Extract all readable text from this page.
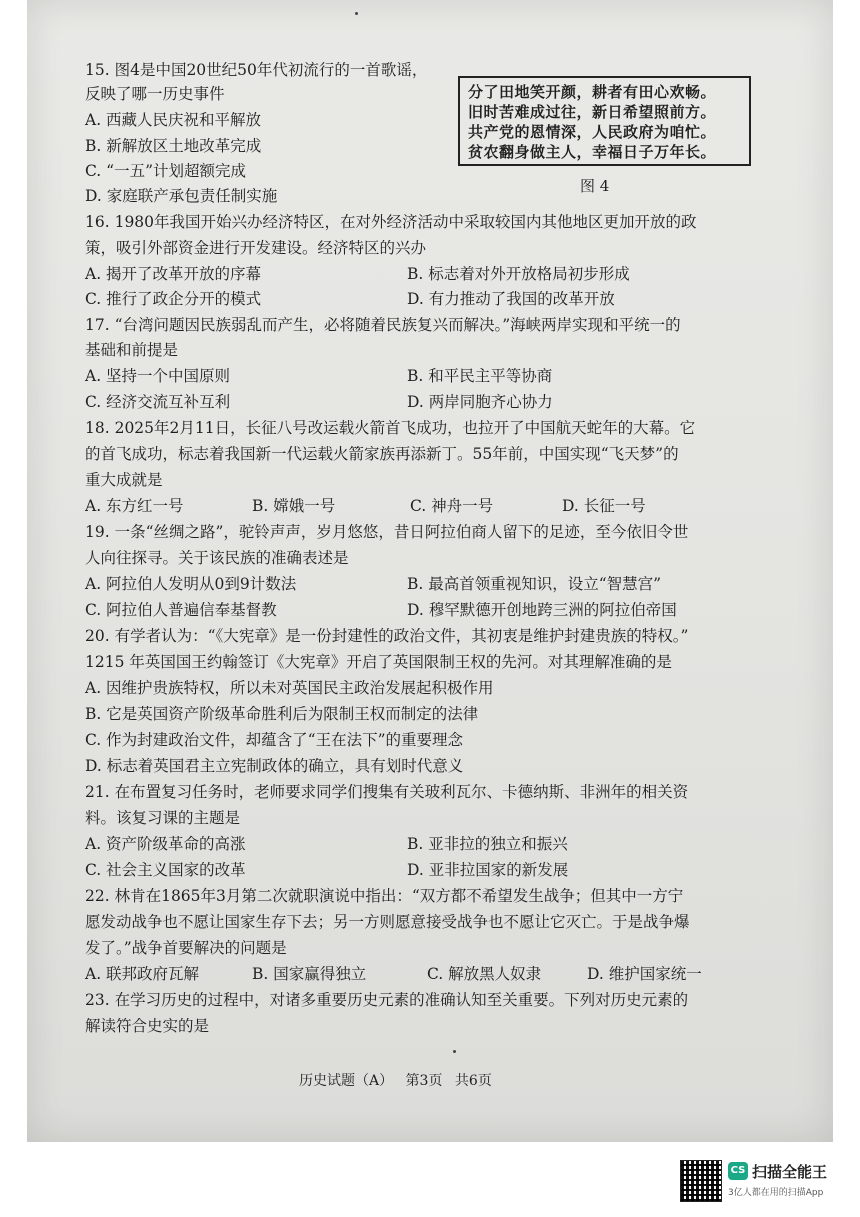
15. 图4是中国20世纪50年代初流行的一首歌谣，
反映了哪一历史事件
A. 西藏人民庆祝和平解放
B. 新解放区土地改革完成
C. “一五”计划超额完成
D. 家庭联产承包责任制实施
分了田地笑开颜，耕者有田心欢畅。
旧时苦难成过往，新日希望照前方。
共产党的恩情深，人民政府为咱忙。
贫农翻身做主人，幸福日子万年长。
图 4
16. 1980年我国开始兴办经济特区，在对外经济活动中采取较国内其他地区更加开放的政
策，吸引外部资金进行开发建设。经济特区的兴办
A. 揭开了改革开放的序幕	B. 标志着对外开放格局初步形成
C. 推行了政企分开的模式	D. 有力推动了我国的改革开放
17. “台湾问题因民族弱乱而产生，必将随着民族复兴而解决。”海峡两岸实现和平统一的
基础和前提是
A. 坚持一个中国原则	B. 和平民主平等协商
C. 经济交流互补互利	D. 两岸同胞齐心协力
18. 2025年2月11日，长征八号改运载火箭首飞成功，也拉开了中国航天蛇年的大幕。它
的首飞成功，标志着我国新一代运载火箭家族再添新丁。55年前，中国实现“飞天梦”的
重大成就是
A. 东方红一号	B. 嫦娥一号	C. 神舟一号	D. 长征一号
19. 一条“丝绸之路”，驼铃声声，岁月悠悠，昔日阿拉伯商人留下的足迹，至今依旧令世
人向往探寻。关于该民族的准确表述是
A. 阿拉伯人发明从0到9计数法	B. 最高首领重视知识，设立“智慧宫”
C. 阿拉伯人普遍信奉基督教	D. 穆罕默德开创地跨三洲的阿拉伯帝国
20. 有学者认为：“《大宪章》是一份封建性的政治文件，其初衷是维护封建贵族的特权。”
1215 年英国国王约翰签订《大宪章》开启了英国限制王权的先河。对其理解准确的是
A. 因维护贵族特权，所以未对英国民主政治发展起积极作用
B. 它是英国资产阶级革命胜利后为限制王权而制定的法律
C. 作为封建政治文件，却蕴含了“王在法下”的重要理念
D. 标志着英国君主立宪制政体的确立，具有划时代意义
21. 在布置复习任务时，老师要求同学们搜集有关玻利瓦尔、卡德纳斯、非洲年的相关资
料。该复习课的主题是
A. 资产阶级革命的高涨	B. 亚非拉的独立和振兴
C. 社会主义国家的改革	D. 亚非拉国家的新发展
22. 林肯在1865年3月第二次就职演说中指出：“双方都不希望发生战争；但其中一方宁
愿发动战争也不愿让国家生存下去；另一方则愿意接受战争也不愿让它灭亡。于是战争爆
发了。”战争首要解决的问题是
A. 联邦政府瓦解	B. 国家赢得独立	C. 解放黑人奴隶	D. 维护国家统一
23. 在学习历史的过程中，对诸多重要历史元素的准确认知至关重要。下列对历史元素的
解读符合史实的是
历史试题（A） 第3页 共6页
CS 扫描全能王
3亿人都在用的扫描App
